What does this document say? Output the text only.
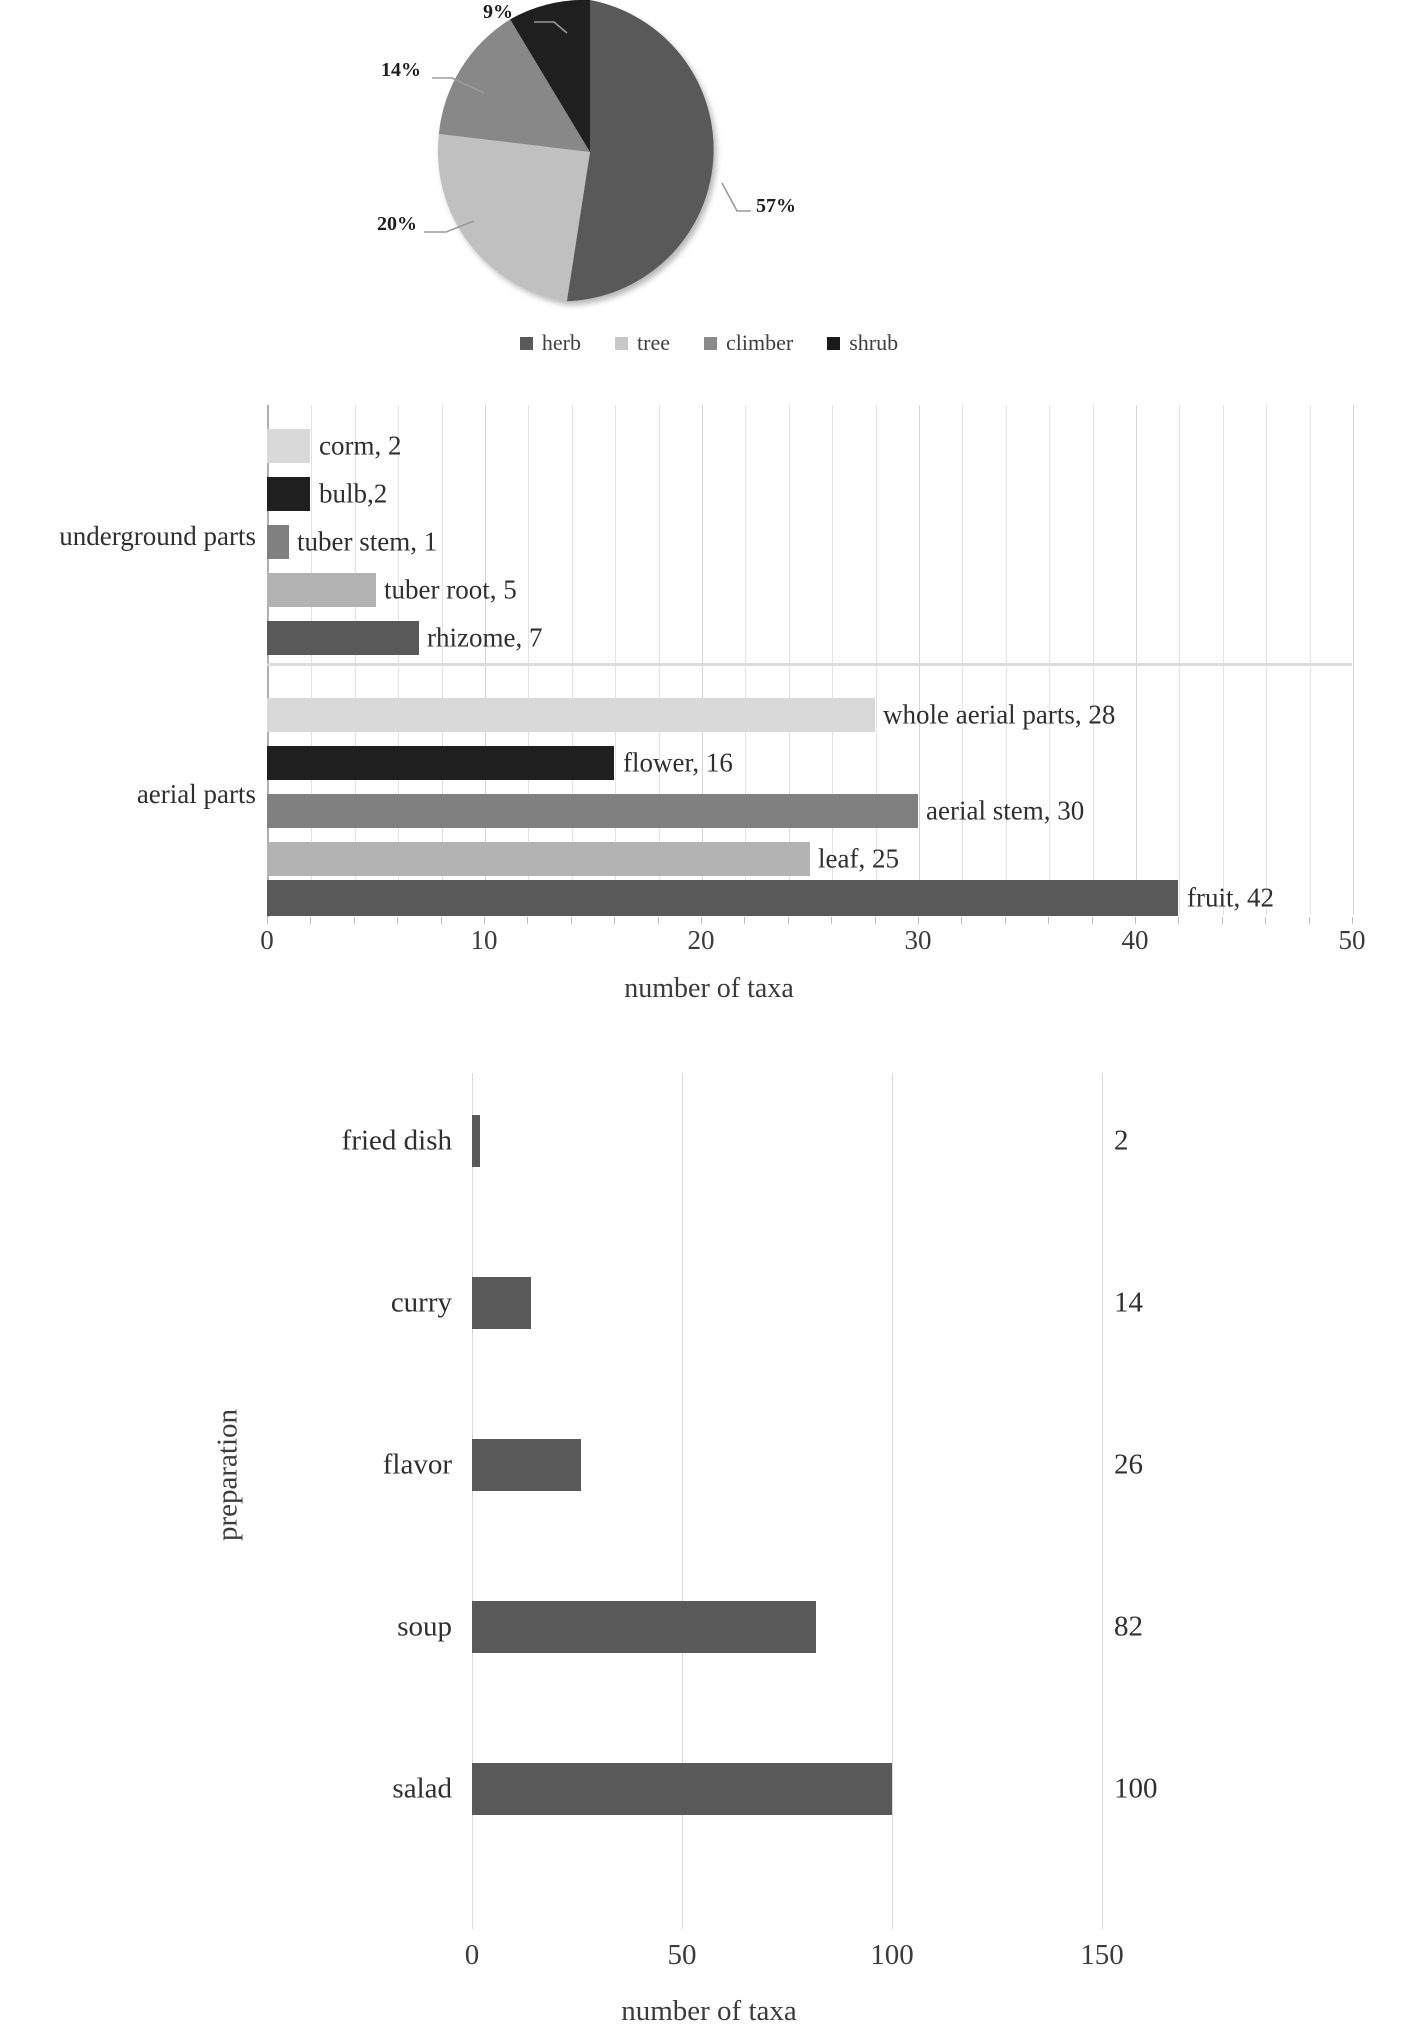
9%
14%
20%
57%
herb	tree	climber	shrub
underground parts
aerial parts
corm, 2
bulb,2
tuber stem, 1
tuber root, 5
rhizome, 7
whole aerial parts, 28
flower, 16
aerial stem, 30
leaf, 25
fruit, 42
0	10	20	30	40	50
number of taxa
fried dish	2
curry	14
flavor	26
soup	82
salad	100
0	50	100	150
preparation
number of taxa
